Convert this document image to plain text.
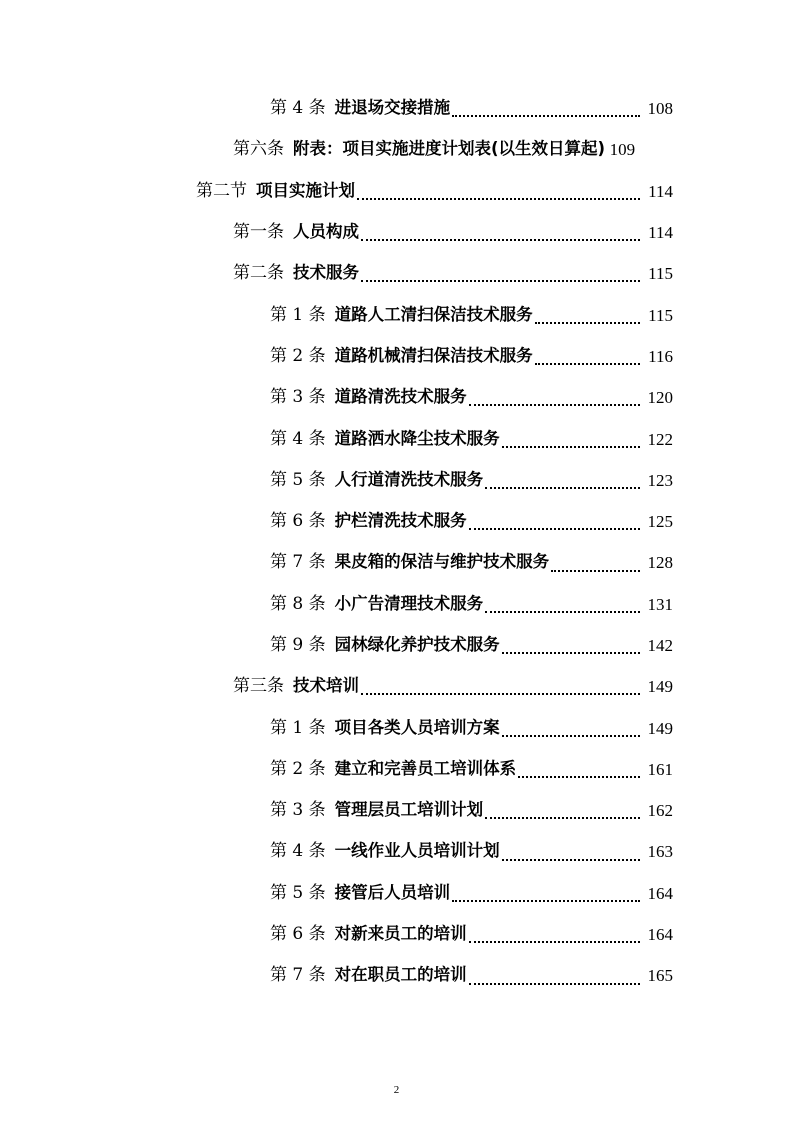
第 4 条 进退场交接措施	108
第六条 附表：项目实施进度计划表(以生效日算起) 109
第二节 项目实施计划	114
第一条 人员构成	114
第二条 技术服务	115
第 1 条 道路人工清扫保洁技术服务	115
第 2 条 道路机械清扫保洁技术服务	116
第 3 条 道路清洗技术服务	120
第 4 条 道路洒水降尘技术服务	122
第 5 条 人行道清洗技术服务	123
第 6 条 护栏清洗技术服务	125
第 7 条 果皮箱的保洁与维护技术服务	128
第 8 条 小广告清理技术服务	131
第 9 条 园林绿化养护技术服务	142
第三条 技术培训	149
第 1 条 项目各类人员培训方案	149
第 2 条 建立和完善员工培训体系	161
第 3 条 管理层员工培训计划	162
第 4 条 一线作业人员培训计划	163
第 5 条 接管后人员培训	164
第 6 条 对新来员工的培训	164
第 7 条 对在职员工的培训	165
2
